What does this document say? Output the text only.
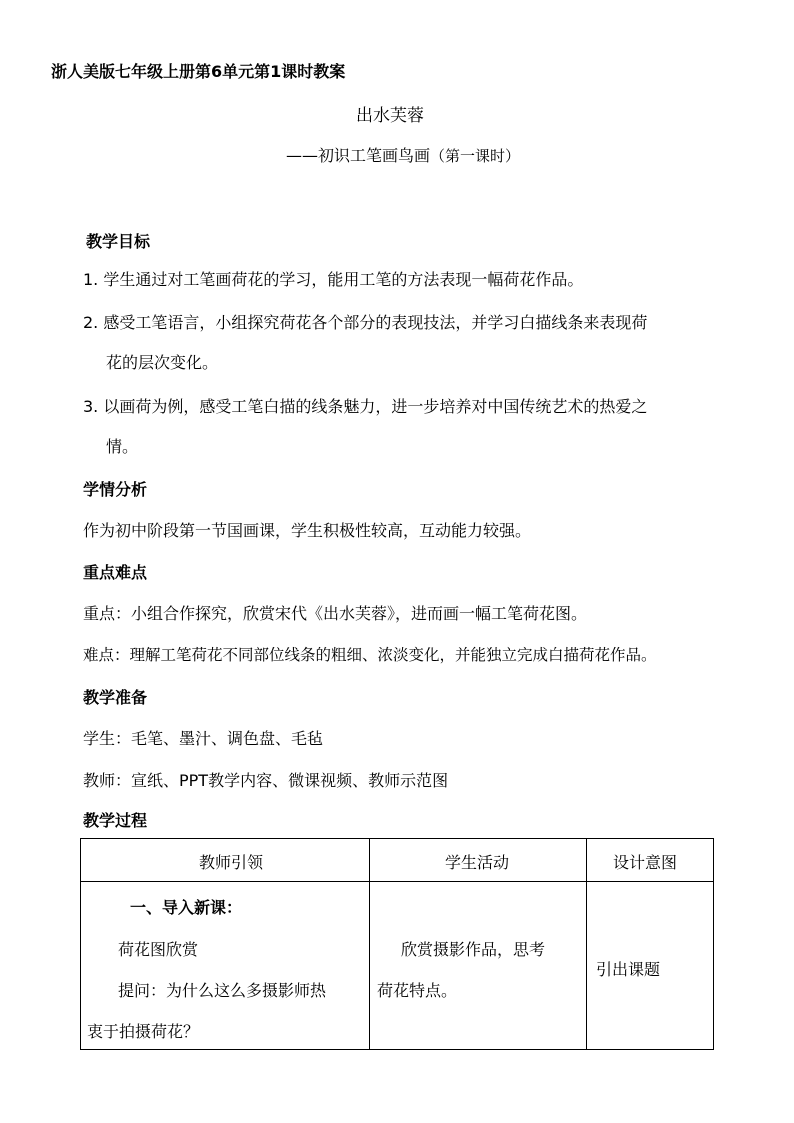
浙人美版七年级上册第6单元第1课时教案
出水芙蓉
——初识工笔画鸟画（第一课时）
教学目标
1. 学生通过对工笔画荷花的学习，能用工笔的方法表现一幅荷花作品。
2. 感受工笔语言，小组探究荷花各个部分的表现技法，并学习白描线条来表现荷
花的层次变化。
3. 以画荷为例，感受工笔白描的线条魅力，进一步培养对中国传统艺术的热爱之
情。
学情分析
作为初中阶段第一节国画课，学生积极性较高，互动能力较强。
重点难点
重点：小组合作探究，欣赏宋代《出水芙蓉》，进而画一幅工笔荷花图。
难点：理解工笔荷花不同部位线条的粗细、浓淡变化，并能独立完成白描荷花作品。
教学准备
学生：毛笔、墨汁、调色盘、毛毡
教师：宣纸、PPT教学内容、微课视频、教师示范图
教学过程
教师引领	学生活动	设计意图
一、导入新课：
荷花图欣赏
提问：为什么这么多摄影师热
衷于拍摄荷花？
欣赏摄影作品，思考
荷花特点。
引出课题
